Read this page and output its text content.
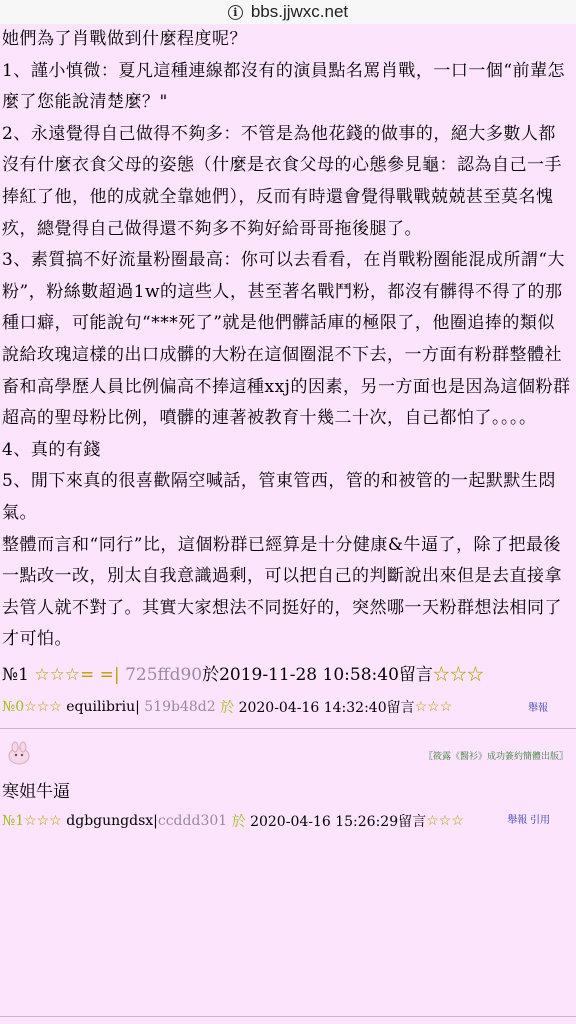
i bbs.jjwxc.net

她們為了肖戰做到什麼程度呢？

1、謹小慎微：夏凡這種連線都沒有的演員點名罵肖戰，一口一個“前輩怎麼了您能說清楚麼？"

2、永遠覺得自己做得不夠多：不管是為他花錢的做事的，絕大多數人都沒有什麼衣食父母的姿態（什麼是衣食父母的心態參見龜：認為自己一手捧紅了他，他的成就全靠她們），反而有時還會覺得戰戰兢兢甚至莫名愧疚，總覺得自己做得還不夠多不夠好給哥哥拖後腿了。

3、素質搞不好流量粉圈最高：你可以去看看，在肖戰粉圈能混成所謂“大粉”，粉絲數超過1w的這些人，甚至著名戰鬥粉，都沒有髒得不得了的那種口癖，可能說句“***死了”就是他們髒話庫的極限了，他圈追捧的類似說給玫瑰這樣的出口成髒的大粉在這個圈混不下去，一方面有粉群整體社畜和高學歷人員比例偏高不捧這種xxj的因素，另一方面也是因為這個粉群超高的聖母粉比例，噴髒的連著被教育十幾二十次，自己都怕了。。。。

4、真的有錢

5、閒下來真的很喜歡隔空喊話，管東管西，管的和被管的一起默默生悶氣。

整體而言和“同行”比，這個粉群已經算是十分健康&牛逼了，除了把最後一點改一改，別太自我意識過剩，可以把自己的判斷說出來但是去直接拿去管人就不對了。其實大家想法不同挺好的，突然哪一天粉群想法相同了才可怕。

№1 ☆☆☆= =| 725ffd90於2019-11-28 10:58:40留言☆☆☆
№0 ☆☆☆
equilibriu|
519b48d2
於
2020-04-16 14:32:40留言 ☆☆☆	舉報
〖筱露《醫衫》成功簽約簡體出版〗
寒姐牛逼
№1 ☆☆☆
dgbgungdsx| ccddd301
於
2020-04-16 15:26:29留言 ☆☆☆	舉報 引用
